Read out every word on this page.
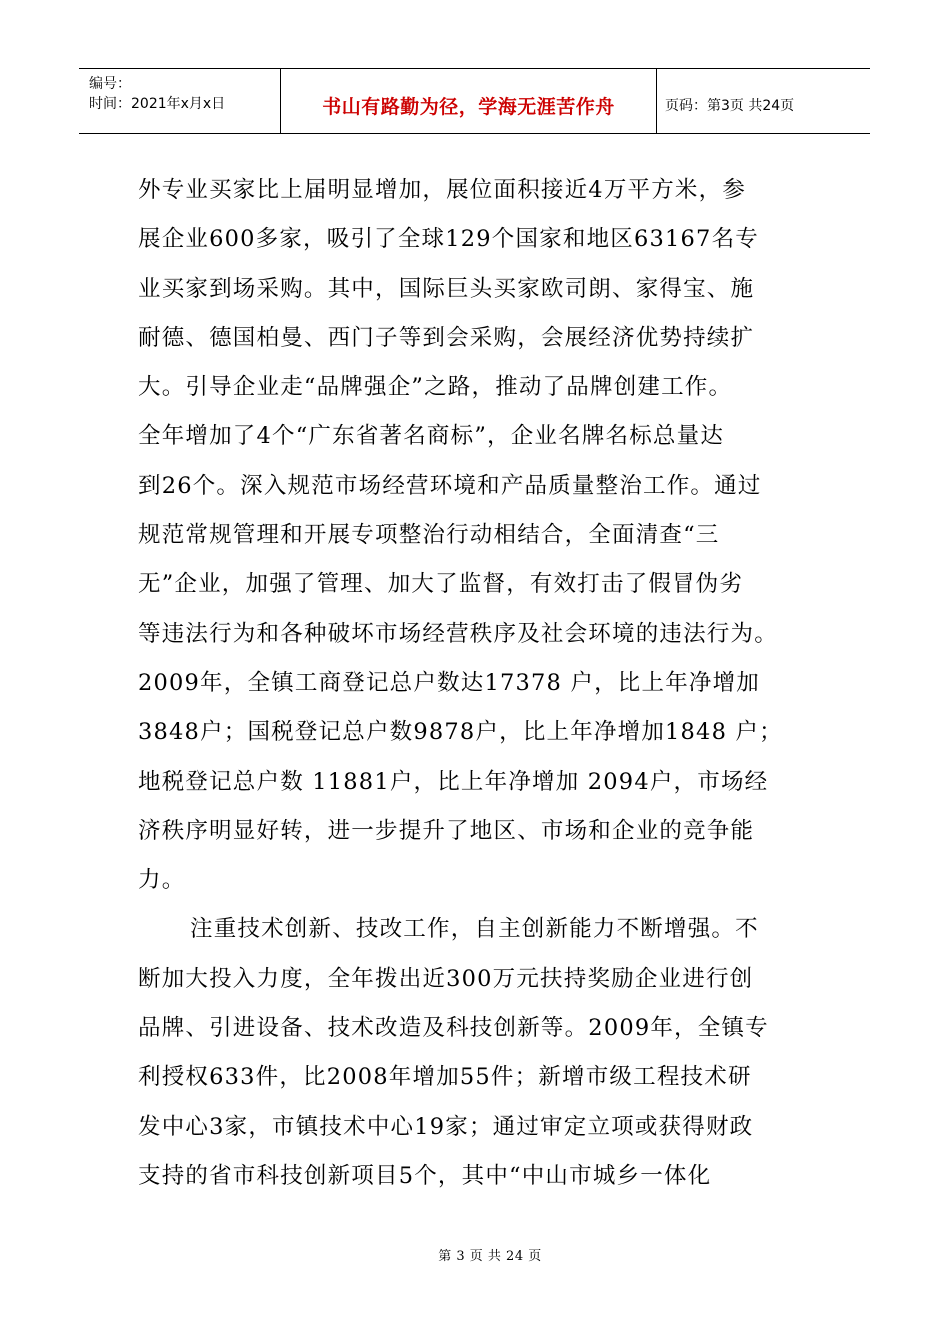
编号：
时间：2021年x月x日	书山有路勤为径，学海无涯苦作舟	页码：第3页 共24页
外专业买家比上届明显增加，展位面积接近4万平方米，参
展企业600多家，吸引了全球129个国家和地区63167名专
业买家到场采购。其中，国际巨头买家欧司朗、家得宝、施
耐德、德国柏曼、西门子等到会采购，会展经济优势持续扩
大。引导企业走“品牌强企”之路，推动了品牌创建工作。
全年增加了4个“广东省著名商标”，企业名牌名标总量达
到26个。深入规范市场经营环境和产品质量整治工作。通过
规范常规管理和开展专项整治行动相结合，全面清查“三
无”企业，加强了管理、加大了监督，有效打击了假冒伪劣
等违法行为和各种破坏市场经营秩序及社会环境的违法行为。
2009年，全镇工商登记总户数达17378 户，比上年净增加
3848户；国税登记总户数9878户，比上年净增加1848 户；
地税登记总户数 11881户，比上年净增加 2094户，市场经
济秩序明显好转，进一步提升了地区、市场和企业的竞争能
力。
注重技术创新、技改工作，自主创新能力不断增强。不
断加大投入力度，全年拨出近300万元扶持奖励企业进行创
品牌、引进设备、技术改造及科技创新等。2009年，全镇专
利授权633件，比2008年增加55件；新增市级工程技术研
发中心3家，市镇技术中心19家；通过审定立项或获得财政
支持的省市科技创新项目5个，其中“中山市城乡一体化
第 3 页 共 24 页
